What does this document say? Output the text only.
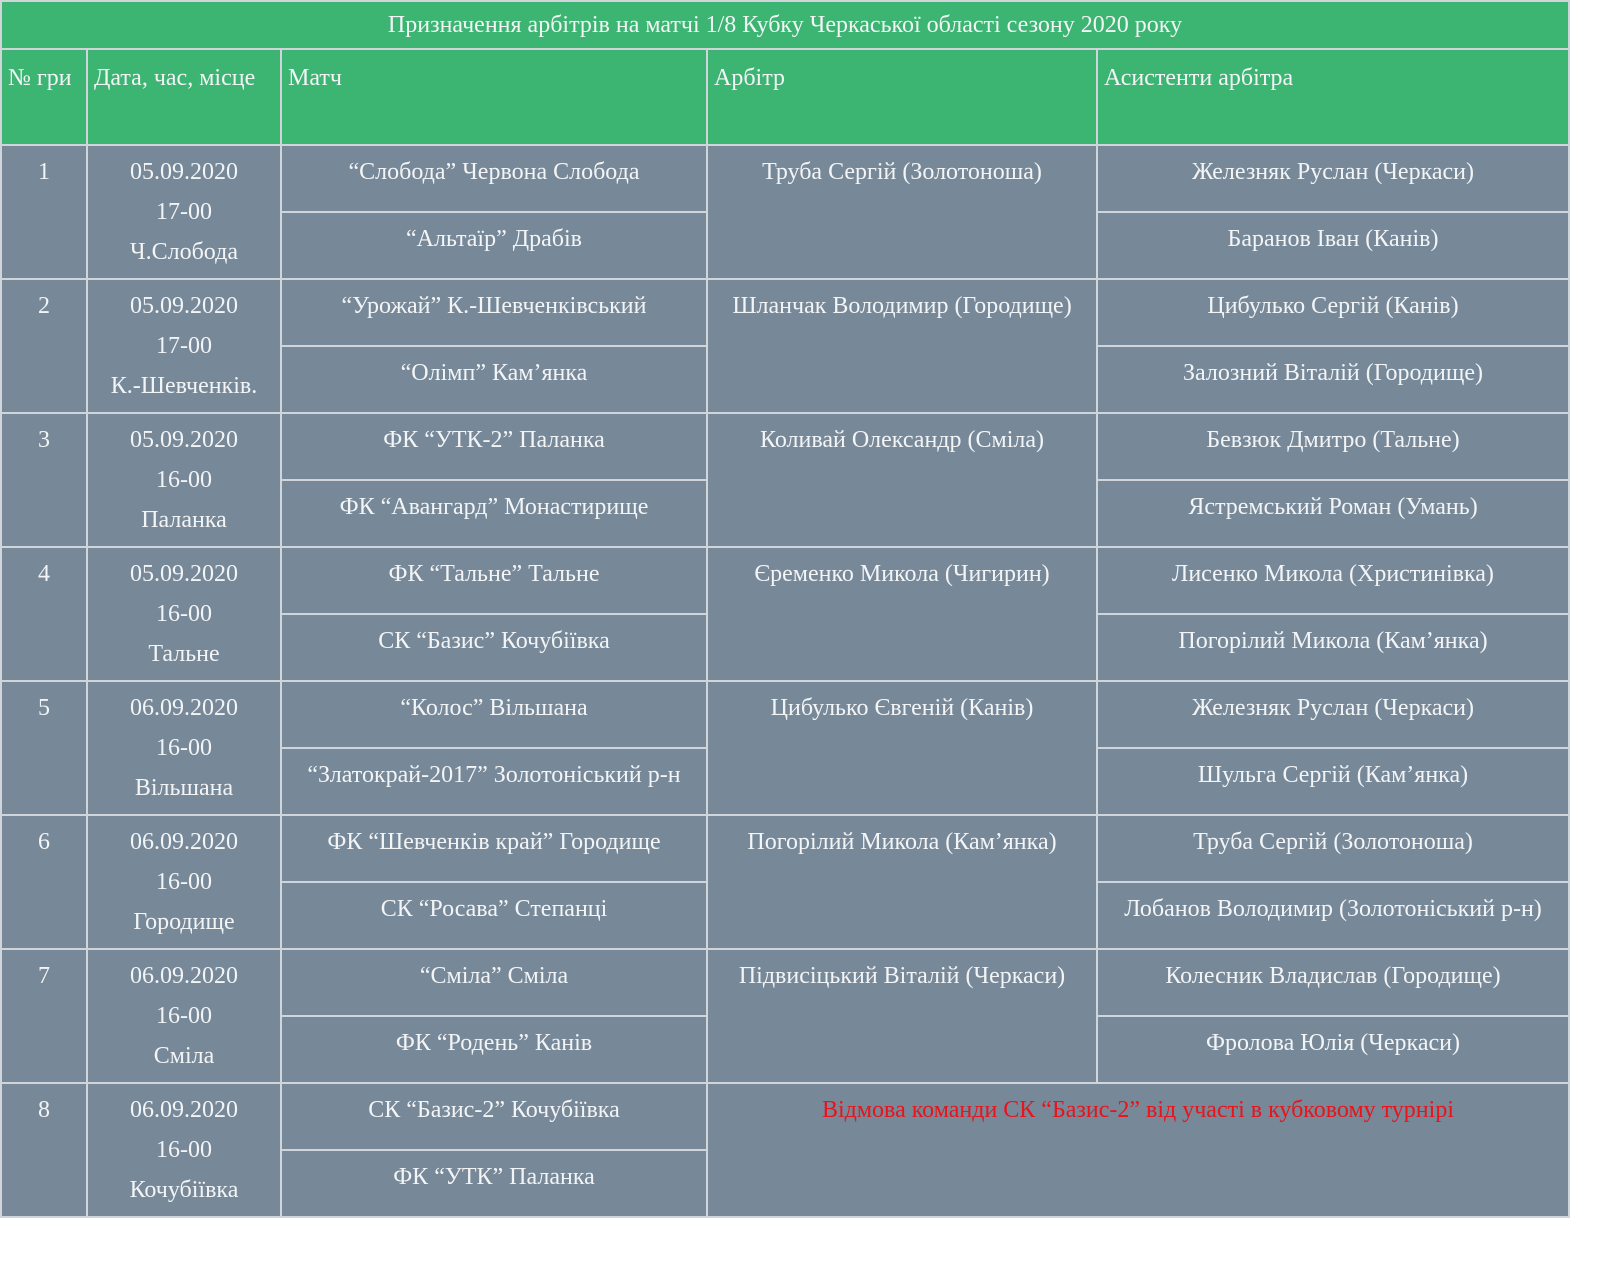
Призначення арбітрів на матчі 1/8 Кубку Черкаської області сезону 2020 року				
№ гри	Дата, час, місце	Матч	Арбітр	Асистенти арбітра
1	05.09.2020
17-00
Ч.Слобода	“Слобода” Червона Слобода	Труба Сергій (Золотоноша)	Железняк Руслан (Черкаси)
		“Альтаїр” Драбів		Баранов Іван (Канів)
2	05.09.2020
17-00
К.-Шевченків.	“Урожай” К.-Шевченківський	Шланчак Володимир (Городище)	Цибулько Сергій (Канів)
		“Олімп” Кам’янка		Залозний Віталій (Городище)
3	05.09.2020
16-00
Паланка	ФК “УТК-2” Паланка	Коливай Олександр (Сміла)	Бевзюк Дмитро (Тальне)
		ФК “Авангард” Монастирище		Ястремський Роман (Умань)
4	05.09.2020
16-00
Тальне	ФК “Тальне” Тальне	Єременко Микола (Чигирин)	Лисенко Микола (Христинівка)
		СК “Базис” Кочубіївка		Погорілий Микола (Кам’янка)
5	06.09.2020
16-00
Вільшана	“Колос” Вільшана	Цибулько Євгеній (Канів)	Железняк Руслан (Черкаси)
		“Златокрай-2017” Золотоніський р-н		Шульга Сергій (Кам’янка)
6	06.09.2020
16-00
Городище	ФК “Шевченків край” Городище	Погорілий Микола (Кам’янка)	Труба Сергій (Золотоноша)
		СК “Росава” Степанці		Лобанов Володимир (Золотоніський р-н)
7	06.09.2020
16-00
Сміла	“Сміла” Сміла	Підвисіцький Віталій (Черкаси)	Колесник Владислав (Городище)
		ФК “Родень” Канів		Фролова Юлія (Черкаси)
8	06.09.2020
16-00
Кочубіївка	СК “Базис-2” Кочубіївка	Відмова команди СК “Базис-2” від участі в кубковому турнірі	
		ФК “УТК” Паланка		
